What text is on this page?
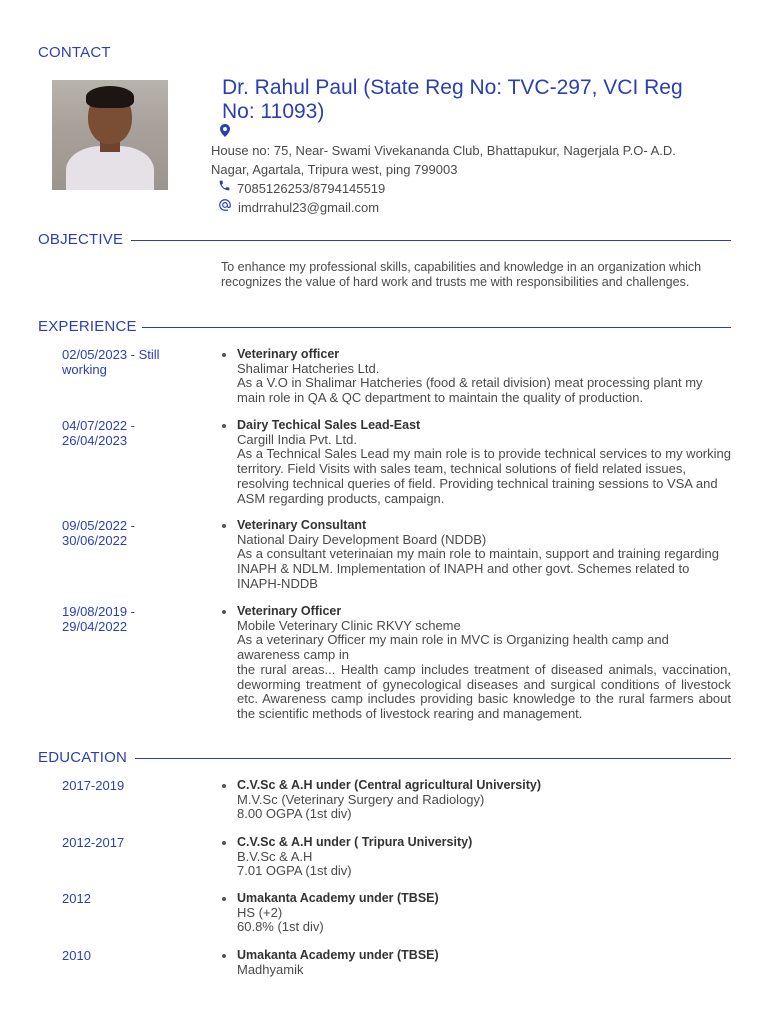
CONTACT
Dr. Rahul Paul (State Reg No: TVC-297, VCI Reg No: 11093)
House no: 75, Near- Swami Vivekananda Club, Bhattapukur, Nagerjala P.O- A.D. Nagar, Agartala, Tripura west, ping 799003
7085126253/8794145519
imdrrahul23@gmail.com
OBJECTIVE
To enhance my professional skills, capabilities and knowledge in an organization which recognizes the value of hard work and trusts me with responsibilities and challenges.
EXPERIENCE
02/05/2023 - Still working
Veterinary officer
Shalimar Hatcheries Ltd.
As a V.O in Shalimar Hatcheries (food & retail division) meat processing plant my main role in QA & QC department to maintain the quality of production.
04/07/2022 - 26/04/2023
Dairy Techical Sales Lead-East
Cargill India Pvt. Ltd.
As a Technical Sales Lead my main role is to provide technical services to my working territory. Field Visits with sales team, technical solutions of field related issues, resolving technical queries of field. Providing technical training sessions to VSA and ASM regarding products, campaign.
09/05/2022 - 30/06/2022
Veterinary Consultant
National Dairy Development Board (NDDB)
As a consultant veterinaian my main role to maintain, support and training regarding INAPH & NDLM. Implementation of INAPH and other govt. Schemes related to INAPH-NDDB
19/08/2019 - 29/04/2022
Veterinary Officer
Mobile Veterinary Clinic RKVY scheme
As a veterinary Officer my main role in MVC is Organizing health camp and awareness camp in
the rural areas... Health camp includes treatment of diseased animals, vaccination, deworming treatment of gynecological diseases and surgical conditions of livestock etc. Awareness camp includes providing basic knowledge to the rural farmers about the scientific methods of livestock rearing and management.
EDUCATION
2017-2019	C.V.Sc & A.H under (Central agricultural University)
M.V.Sc (Veterinary Surgery and Radiology)
8.00 OGPA (1st div)
2012-2017	C.V.Sc & A.H under ( Tripura University)
B.V.Sc & A.H
7.01 OGPA (1st div)
2012	Umakanta Academy under (TBSE)
HS (+2)
60.8% (1st div)
2010	Umakanta Academy under (TBSE)
Madhyamik
